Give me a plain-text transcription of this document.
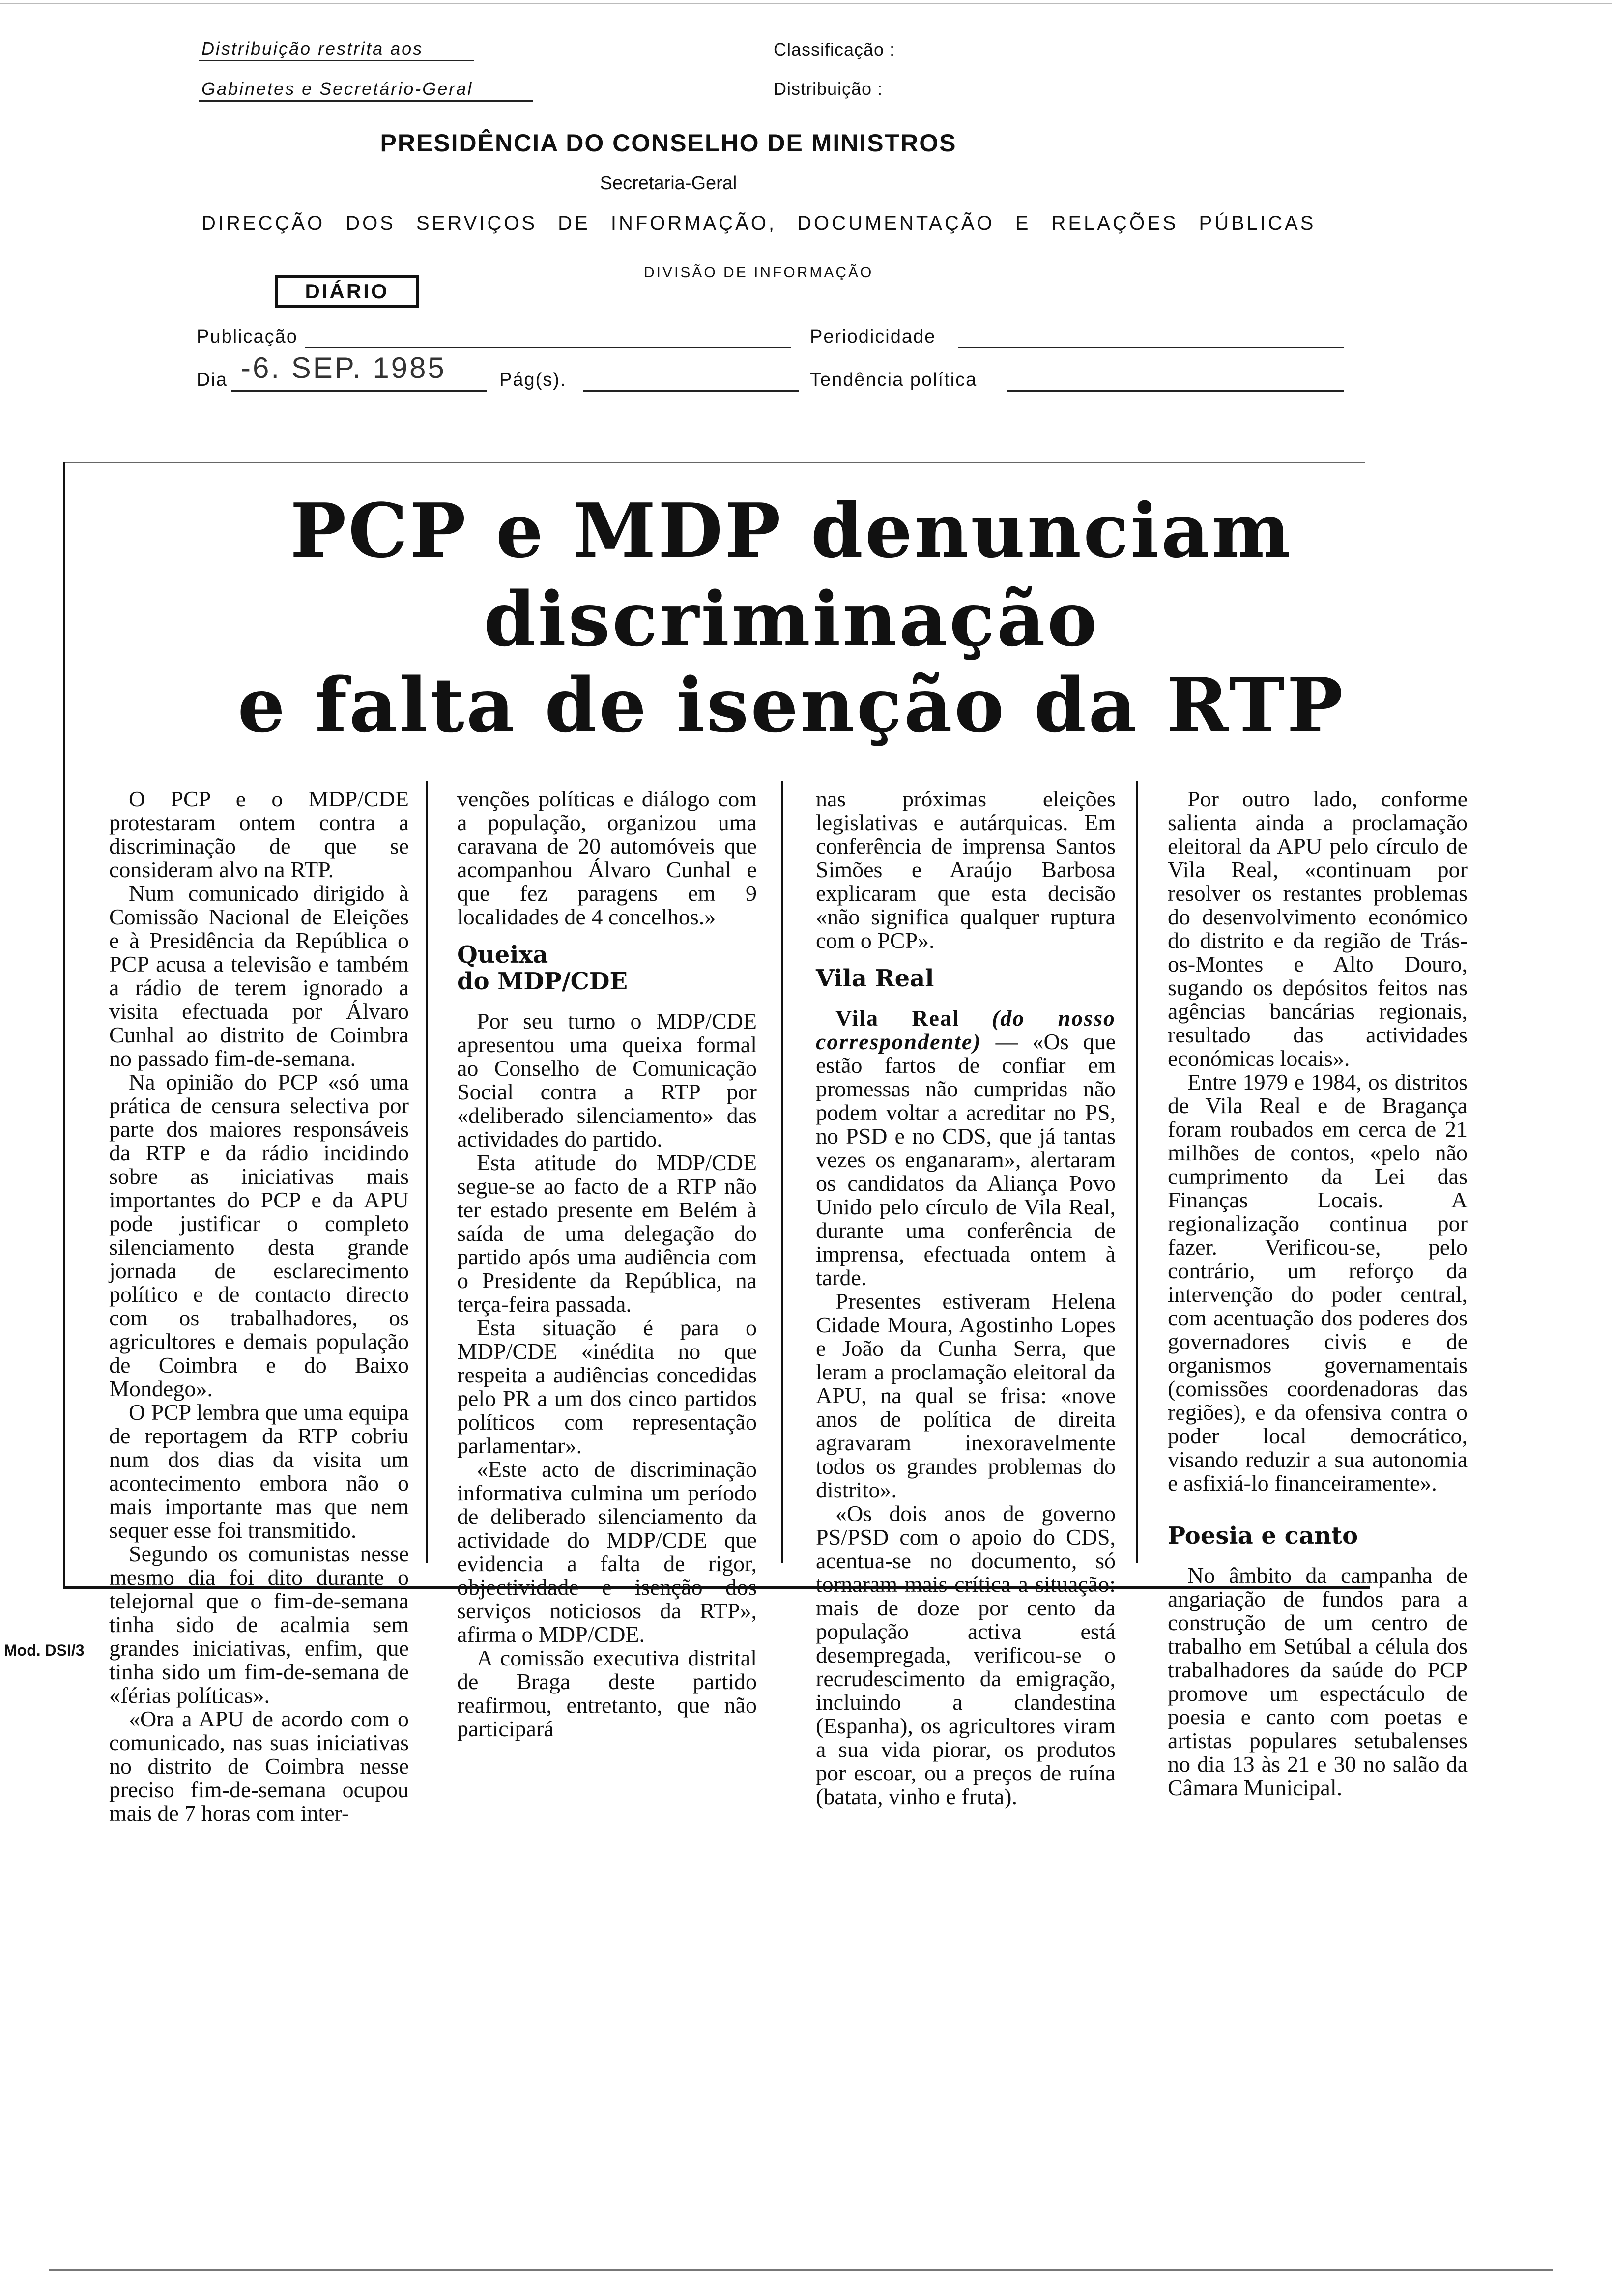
Distribuição restrita aos
Gabinetes e Secretário-Geral
Classificação :
Distribuição :
PRESIDÊNCIA DO CONSELHO DE MINISTROS
Secretaria-Geral
DIRECÇÃO DOS SERVIÇOS DE INFORMAÇÃO, DOCUMENTAÇÃO E RELAÇÕES PÚBLICAS
DIVISÃO DE INFORMAÇÃO
DIÁRIO
Publicação	Periodicidade
Dia -6. SEP. 1985	Pág(s).	Tendência política
PCP e MDP denunciam
discriminação
e falta de isenção da RTP

O PCP e o MDP/CDE protestaram ontem contra a discriminação de que se consideram alvo na RTP.

Num comunicado dirigido à Comissão Nacional de Eleições e à Presidência da República o PCP acusa a televisão e também a rádio de terem ignorado a visita efectuada por Álvaro Cunhal ao distrito de Coimbra no passado fim-de-semana.

Na opinião do PCP «só uma prática de censura selectiva por parte dos maiores responsáveis da RTP e da rádio incidindo sobre as iniciativas mais importantes do PCP e da APU pode justificar o completo silenciamento desta grande jornada de esclarecimento político e de contacto directo com os trabalhadores, os agricultores e demais população de Coimbra e do Baixo Mondego».

O PCP lembra que uma equipa de reportagem da RTP cobriu num dos dias da visita um acontecimento embora não o mais importante mas que nem sequer esse foi transmitido.

Segundo os comunistas nesse mesmo dia foi dito durante o telejornal que o fim-de-semana tinha sido de acalmia sem grandes iniciativas, enfim, que tinha sido um fim-de-semana de «férias políticas».

«Ora a APU de acordo com o comunicado, nas suas iniciativas no distrito de Coimbra nesse preciso fim-de-semana ocupou mais de 7 horas com inter-

venções políticas e diálogo com a população, organizou uma caravana de 20 automóveis que acompanhou Álvaro Cunhal e que fez paragens em 9 localidades de 4 concelhos.»

Queixa
do MDP/CDE

Por seu turno o MDP/CDE apresentou uma queixa formal ao Conselho de Comunicação Social contra a RTP por «deliberado silenciamento» das actividades do partido.

Esta atitude do MDP/CDE segue-se ao facto de a RTP não ter estado presente em Belém à saída de uma delegação do partido após uma audiência com o Presidente da República, na terça-feira passada.

Esta situação é para o MDP/CDE «inédita no que respeita a audiências concedidas pelo PR a um dos cinco partidos políticos com representação parlamentar».

«Este acto de discriminação informativa culmina um período de deliberado silenciamento da actividade do MDP/CDE que evidencia a falta de rigor, objectividade e isenção dos serviços noticiosos da RTP», afirma o MDP/CDE.

A comissão executiva distrital de Braga deste partido reafirmou, entretanto, que não participará

nas próximas eleições legislativas e autárquicas. Em conferência de imprensa Santos Simões e Araújo Barbosa explicaram que esta decisão «não significa qualquer ruptura com o PCP».

Vila Real

Vila Real (do nosso correspondente) — «Os que estão fartos de confiar em promessas não cumpridas não podem voltar a acreditar no PS, no PSD e no CDS, que já tantas vezes os enganaram», alertaram os candidatos da Aliança Povo Unido pelo círculo de Vila Real, durante uma conferência de imprensa, efectuada ontem à tarde.

Presentes estiveram Helena Cidade Moura, Agostinho Lopes e João da Cunha Serra, que leram a proclamação eleitoral da APU, na qual se frisa: «nove anos de política de direita agravaram inexoravelmente todos os grandes problemas do distrito».

«Os dois anos de governo PS/PSD com o apoio do CDS, acentua-se no documento, só tornaram mais crítica a situação: mais de doze por cento da população activa está desempregada, verificou-se o recrudescimento da emigração, incluindo a clandestina (Espanha), os agricultores viram a sua vida piorar, os produtos por escoar, ou a preços de ruína (batata, vinho e fruta).

Por outro lado, conforme salienta ainda a proclamação eleitoral da APU pelo círculo de Vila Real, «continuam por resolver os restantes problemas do desenvolvimento económico do distrito e da região de Trás-os-Montes e Alto Douro, sugando os depósitos feitos nas agências bancárias regionais, resultado das actividades económicas locais».

Entre 1979 e 1984, os distritos de Vila Real e de Bragança foram roubados em cerca de 21 milhões de contos, «pelo não cumprimento da Lei das Finanças Locais. A regionalização continua por fazer. Verificou-se, pelo contrário, um reforço da intervenção do poder central, com acentuação dos poderes dos governadores civis e de organismos governamentais (comissões coordenadoras das regiões), e da ofensiva contra o poder local democrático, visando reduzir a sua autonomia e asfixiá-lo financeiramente».

Poesia e canto

No âmbito da campanha de angariação de fundos para a construção de um centro de trabalho em Setúbal a célula dos trabalhadores da saúde do PCP promove um espectáculo de poesia e canto com poetas e artistas populares setubalenses no dia 13 às 21 e 30 no salão da Câmara Municipal.

Mod. DSI/3
